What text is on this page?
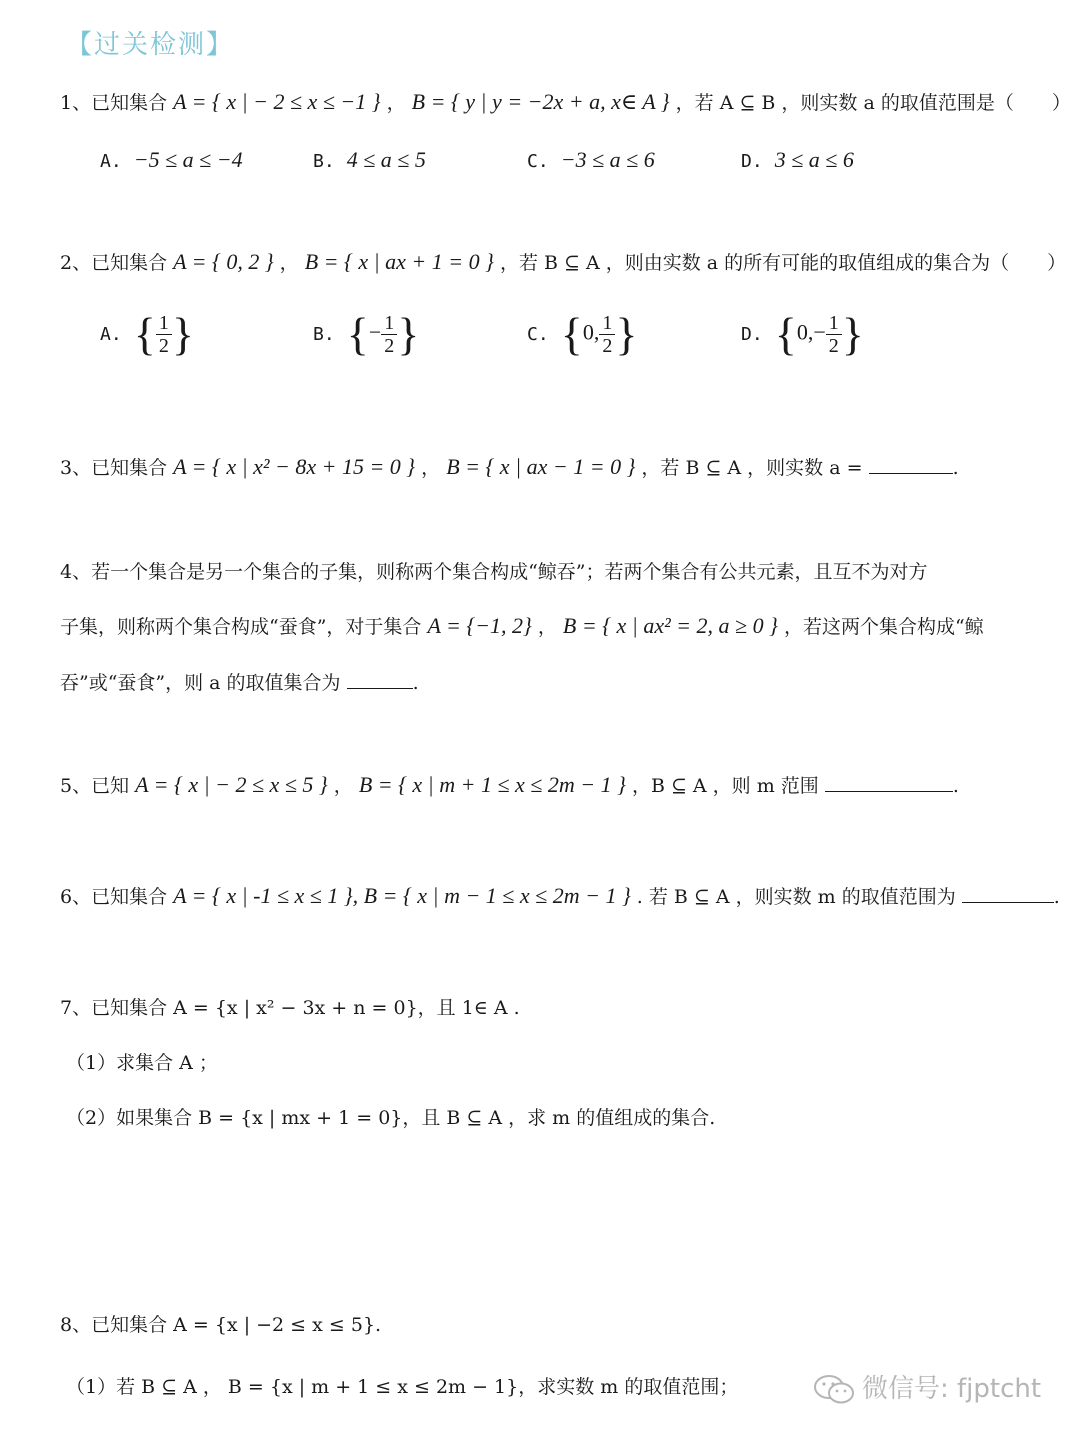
【过关检测】
1、已知集合 A = { x | − 2 ≤ x ≤ −1 } ， B = { y | y = −2x + a, x∈ A } ，若 A ⊆ B ，则实数 a 的取值范围是（　　）
A. −5 ≤ a ≤ −4	B. 4 ≤ a ≤ 5	C. −3 ≤ a ≤ 6	D. 3 ≤ a ≤ 6
2、已知集合 A = { 0, 2 } ， B = { x | ax + 1 = 0 } ，若 B ⊆ A ，则由实数 a 的所有可能的取值组成的集合为（　　）
A. { $\frac{1}{2}$ }	B. {− $\frac{1}{2}$ }	C. {0, $\frac{1}{2}$ }	D. {$0,- \frac{1}{2}$ }
3、已知集合 A = { x | x² − 8x + 15 = 0 } ， B = { x | ax − 1 = 0 } ，若 B ⊆ A ，则实数 a =	.
4、若一个集合是另一个集合的子集，则称两个集合构成“鲸吞”；若两个集合有公共元素，且互不为对方
子集，则称两个集合构成“蚕食”，对于集合 A = {−1, 2} ， B = { x | ax² = 2, a ≥ 0 } ，若这两个集合构成“鲸
吞”或“蚕食”，则 a 的取值集合为	.
5、已知 A = { x | − 2 ≤ x ≤ 5 } ， B = { x | m + 1 ≤ x ≤ 2m − 1 } ，B ⊆ A ，则 m 范围	.
6、已知集合 A = { x | -1 ≤ x ≤ 1 }, B = { x | m − 1 ≤ x ≤ 2m − 1 } . 若 B ⊆ A ，则实数 m 的取值范围为	.
7、已知集合 A = {x | x² − 3x + n = 0}，且 1∈ A .
（1）求集合 A ；
（2）如果集合 B = {x | mx + 1 = 0}，且 B ⊆ A ，求 m 的值组成的集合.
8、已知集合 A = {x | −2 ≤ x ≤ 5}.
（1）若 B ⊆ A ， B = {x | m + 1 ≤ x ≤ 2m − 1}，求实数 m 的取值范围；	微信号: fjptcht
